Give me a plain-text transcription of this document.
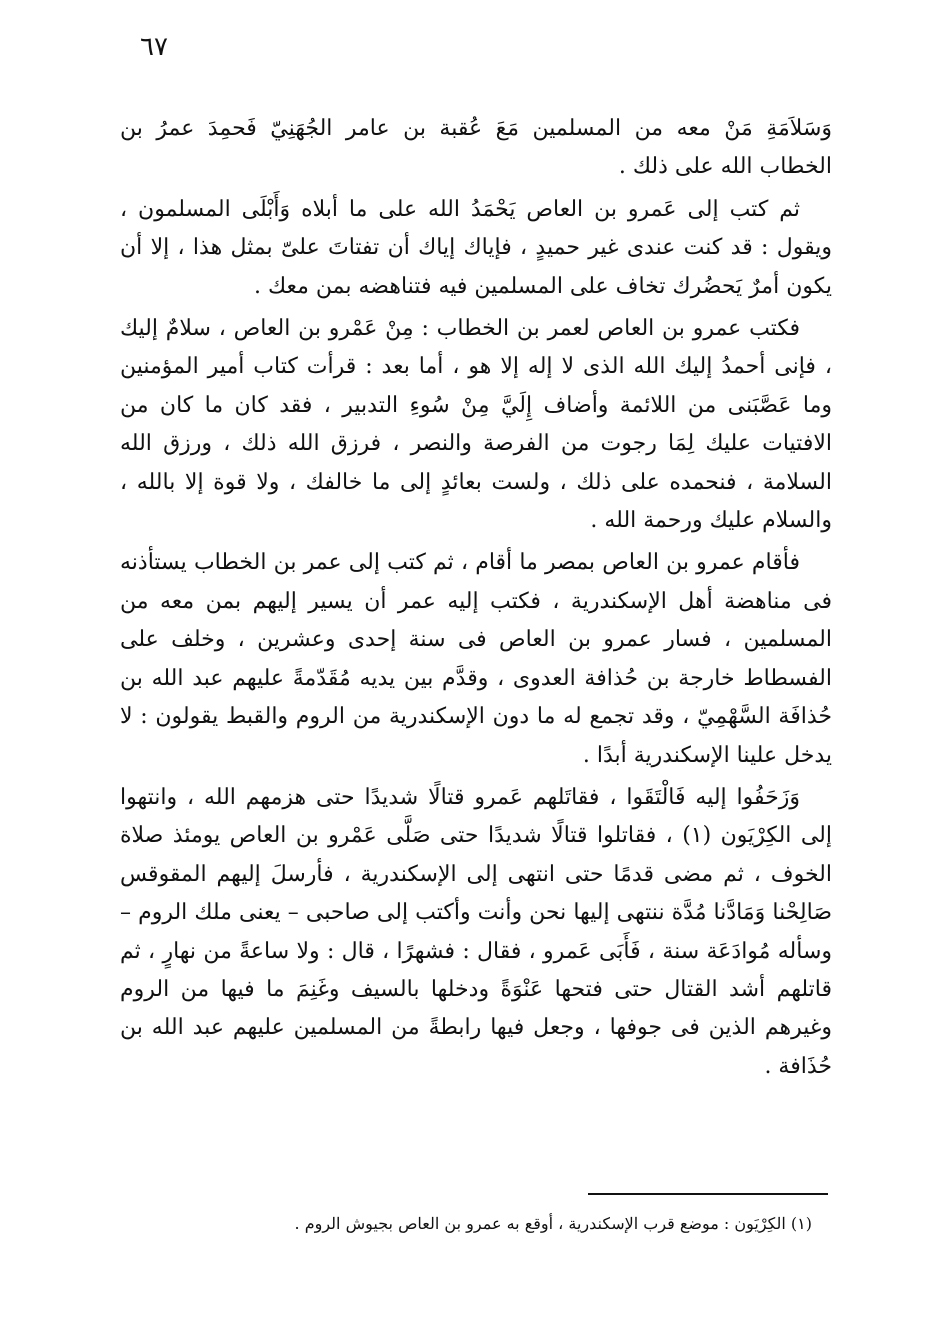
٦٧

وَسَلاَمَةِ مَنْ معه من المسلمين مَعَ عُقبة بن عامر الجُهَنِيّ فَحمِدَ عمرُ بن الخطاب الله على ذلك .

ثم كتب إلى عَمرو بن العاص يَحْمَدُ الله على ما أبلاه وَأَبْلَى المسلمون ، ويقول : قد كنت عندى غير حميدٍ ، فإياك إياك أن تفتاتَ علىّ بمثل هذا ، إلا أن يكون أمرٌ يَحضُرك تخاف على المسلمين فيه فتناهضه بمن معك .

فكتب عمرو بن العاص لعمر بن الخطاب : مِنْ عَمْرو بن العاص ، سلامٌ إليك ، فإنى أحمدُ إليك الله الذى لا إله إلا هو ، أما بعد : قرأت كتاب أمير المؤمنين وما عَصَّبَنى من اللائمة وأضاف إِلَيَّ مِنْ سُوءِ التدبير ، فقد كان ما كان من الافتيات عليك لِمَا رجوت من الفرصة والنصر ، فرزق الله ذلك ، ورزق الله السلامة ، فنحمده على ذلك ، ولست بعائدٍ إلى ما خالفك ، ولا قوة إلا بالله ، والسلام عليك ورحمة الله .

فأقام عمرو بن العاص بمصر ما أقام ، ثم كتب إلى عمر بن الخطاب يستأذنه فى مناهضة أهل الإسكندرية ، فكتب إليه عمر أن يسير إليهم بمن معه من المسلمين ، فسار عمرو بن العاص فى سنة إحدى وعشرين ، وخلف على الفسطاط خارجة بن حُذافة العدوى ، وقدَّم بين يديه مُقَدّمةً عليهم عبد الله بن حُذافَة السَّهْمِيّ ، وقد تجمع له ما دون الإسكندرية من الروم والقبط يقولون : لا يدخل علينا الإسكندرية أبدًا .

وَزَحَفُوا إليه فَالْتَقَوا ، فقاتَلهم عَمرو قتالًا شديدًا حتى هزمهم الله ، وانتهوا إلى الكِرْيَون (١) ، فقاتلوا قتالًا شديدًا حتى صَلَّى عَمْرو بن العاص يومئذ صلاة الخوف ، ثم مضى قدمًا حتى انتهى إلى الإسكندرية ، فأرسلَ إليهم المقوقس صَالِحْنا وَمَادَّنا مُدَّة ننتهى إليها نحن وأنت وأكتب إلى صاحبى – يعنى ملك الروم – وسأله مُوادَعَة سنة ، فَأَبَى عَمرو ، فقال : فشهرًا ، قال : ولا ساعةً من نهارٍ ، ثم قاتلهم أشد القتال حتى فتحها عَنْوَةً ودخلها بالسيف وغَنِمَ ما فيها من الروم وغيرهم الذين فى جوفها ، وجعل فيها رابطةً من المسلمين عليهم عبد الله بن حُذَافة .

(١) الكِرْيَون : موضع قرب الإسكندرية ، أوقع به عمرو بن العاص بجيوش الروم .
